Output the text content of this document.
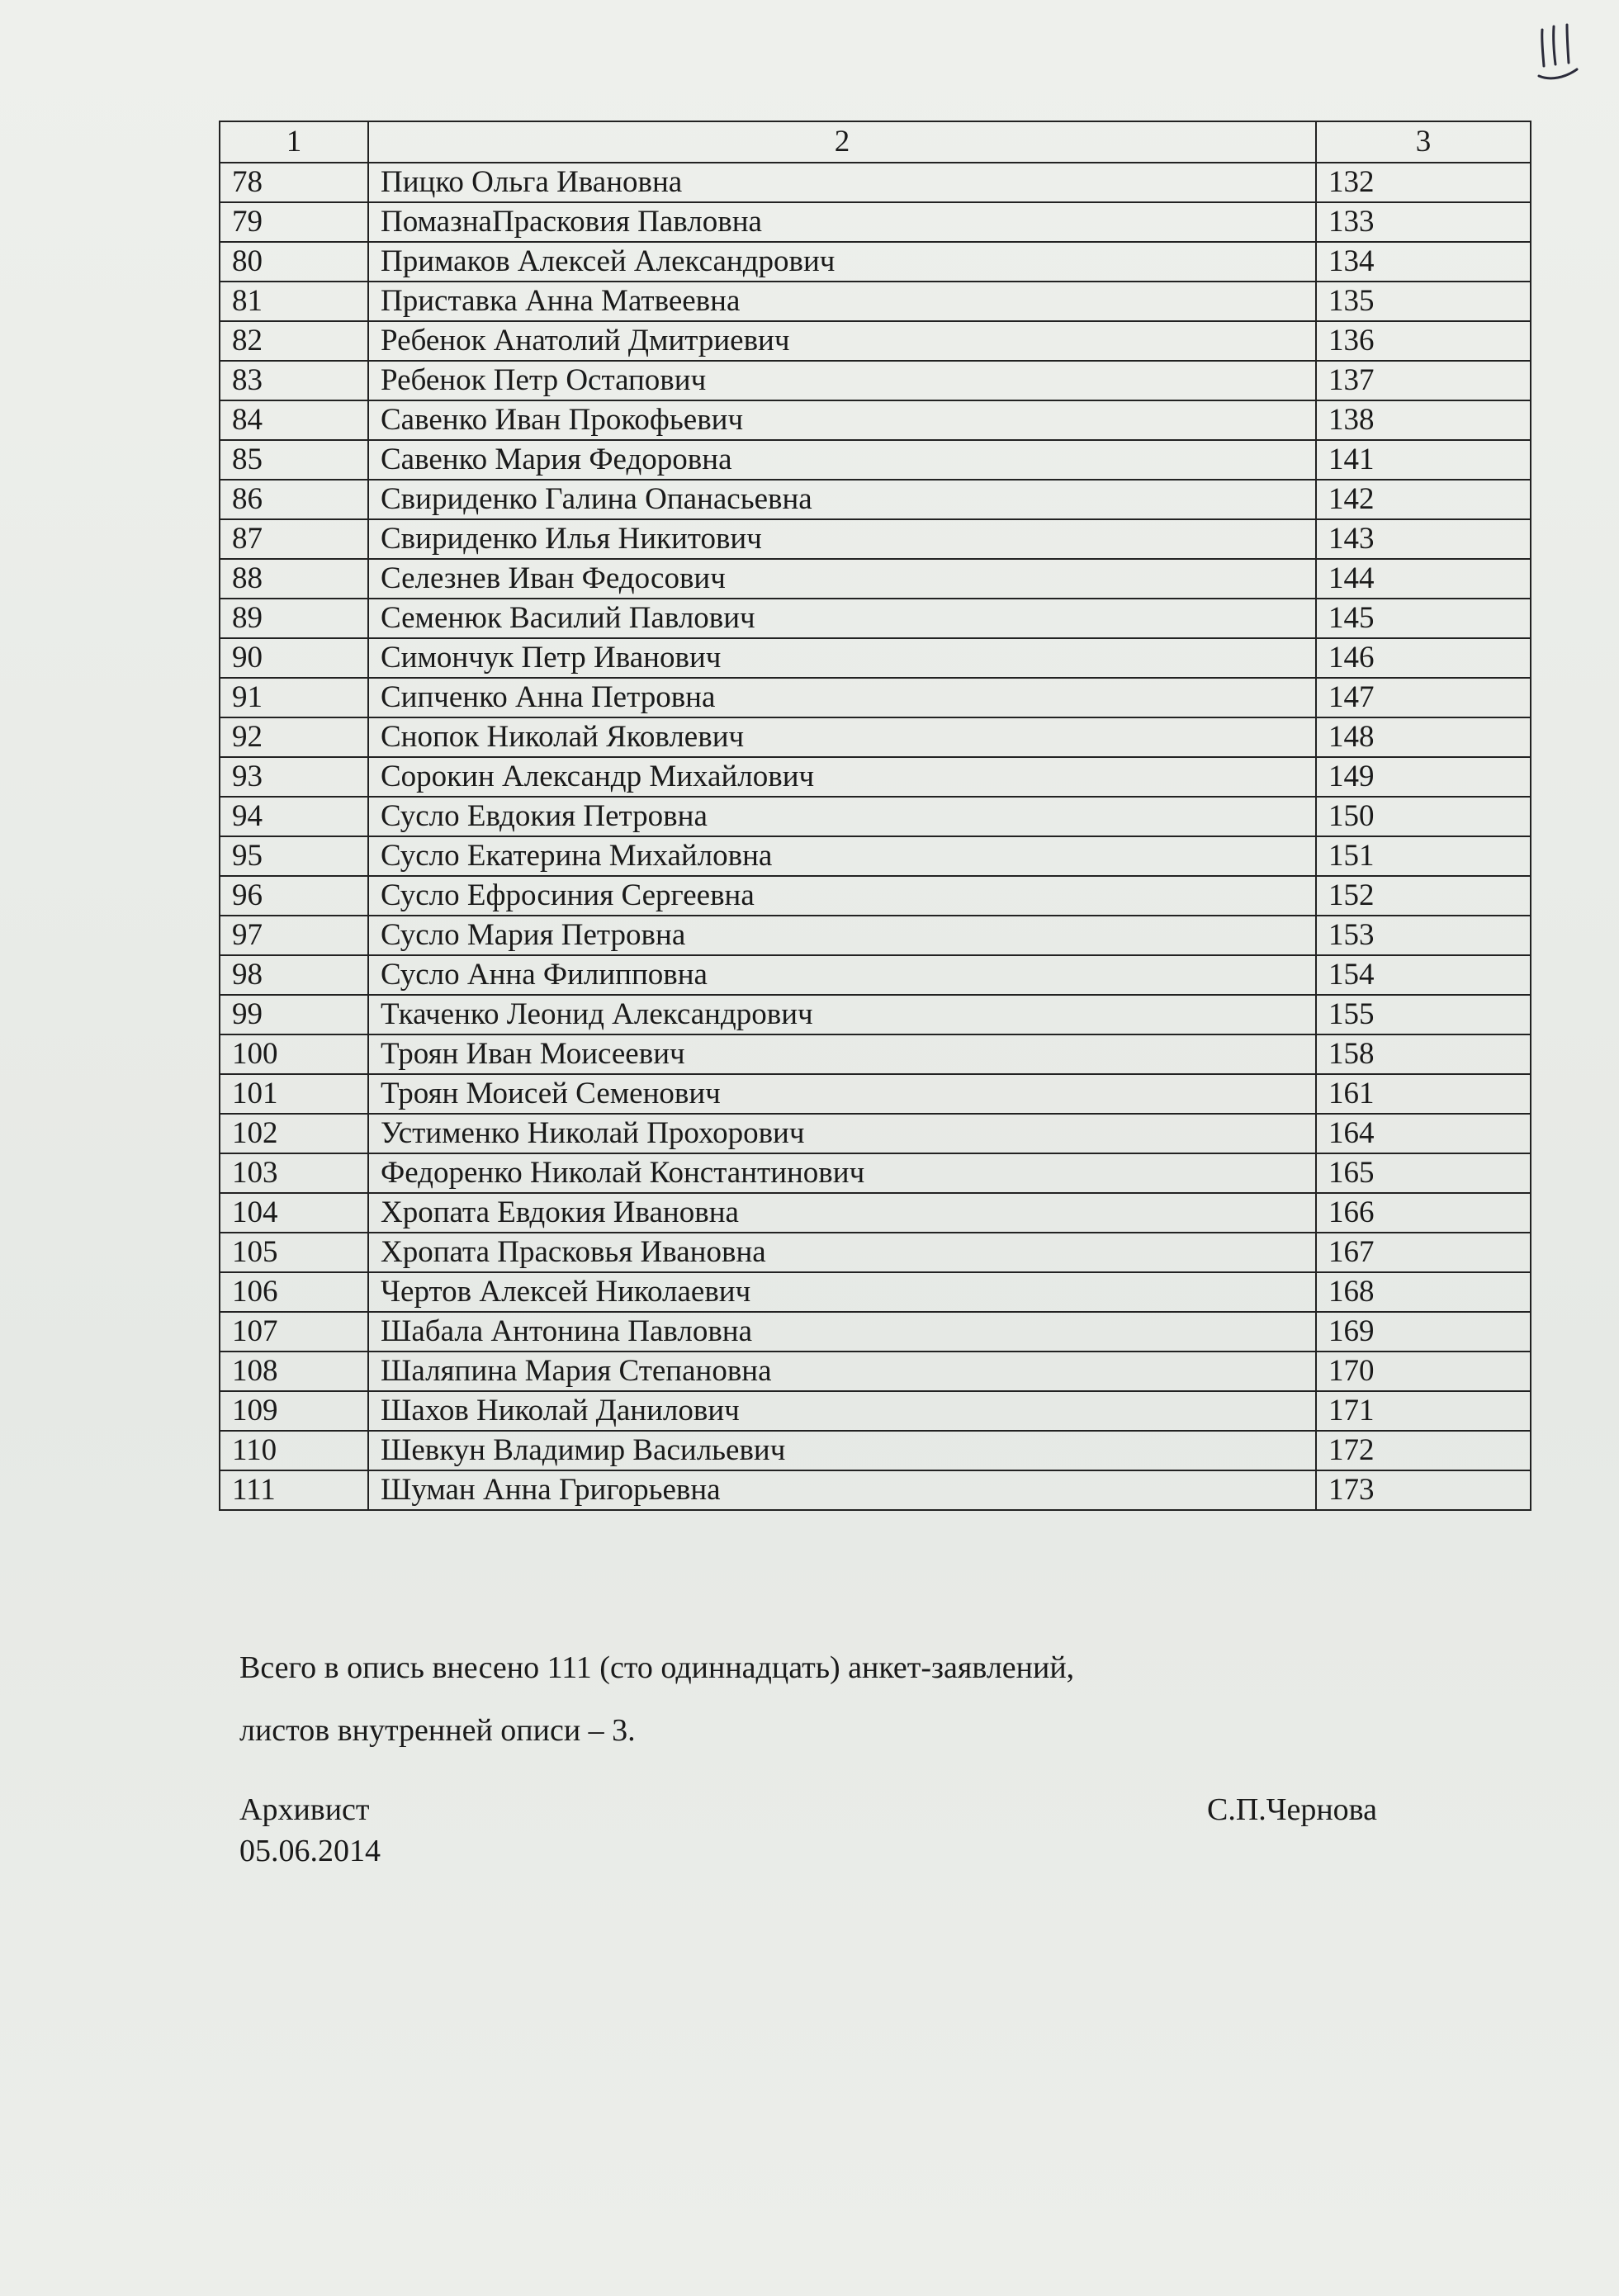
1	2	3
78	Пицко Ольга Ивановна	132
79	ПомазнаПрасковия Павловна	133
80	Примаков Алексей Александрович	134
81	Приставка Анна Матвеевна	135
82	Ребенок Анатолий Дмитриевич	136
83	Ребенок Петр Остапович	137
84	Савенко Иван Прокофьевич	138
85	Савенко Мария Федоровна	141
86	Свириденко Галина Опанасьевна	142
87	Свириденко Илья Никитович	143
88	Селезнев Иван Федосович	144
89	Семенюк Василий Павлович	145
90	Симончук Петр Иванович	146
91	Сипченко Анна Петровна	147
92	Снопок Николай Яковлевич	148
93	Сорокин Александр Михайлович	149
94	Сусло Евдокия Петровна	150
95	Сусло Екатерина Михайловна	151
96	Сусло Ефросиния Сергеевна	152
97	Сусло Мария Петровна	153
98	Сусло Анна Филипповна	154
99	Ткаченко Леонид Александрович	155
100	Троян Иван Моисеевич	158
101	Троян Моисей Семенович	161
102	Устименко Николай Прохорович	164
103	Федоренко Николай Константинович	165
104	Хропата Евдокия Ивановна	166
105	Хропата Прасковья Ивановна	167
106	Чертов Алексей Николаевич	168
107	Шабала Антонина Павловна	169
108	Шаляпина Мария Степановна	170
109	Шахов Николай Данилович	171
110	Шевкун Владимир Васильевич	172
111	Шуман Анна Григорьевна	173
Всего в опись внесено 111 (сто одиннадцать) анкет-заявлений,
листов внутренней описи – 3.
Архивист
05.06.2014
С.П.Чернова
